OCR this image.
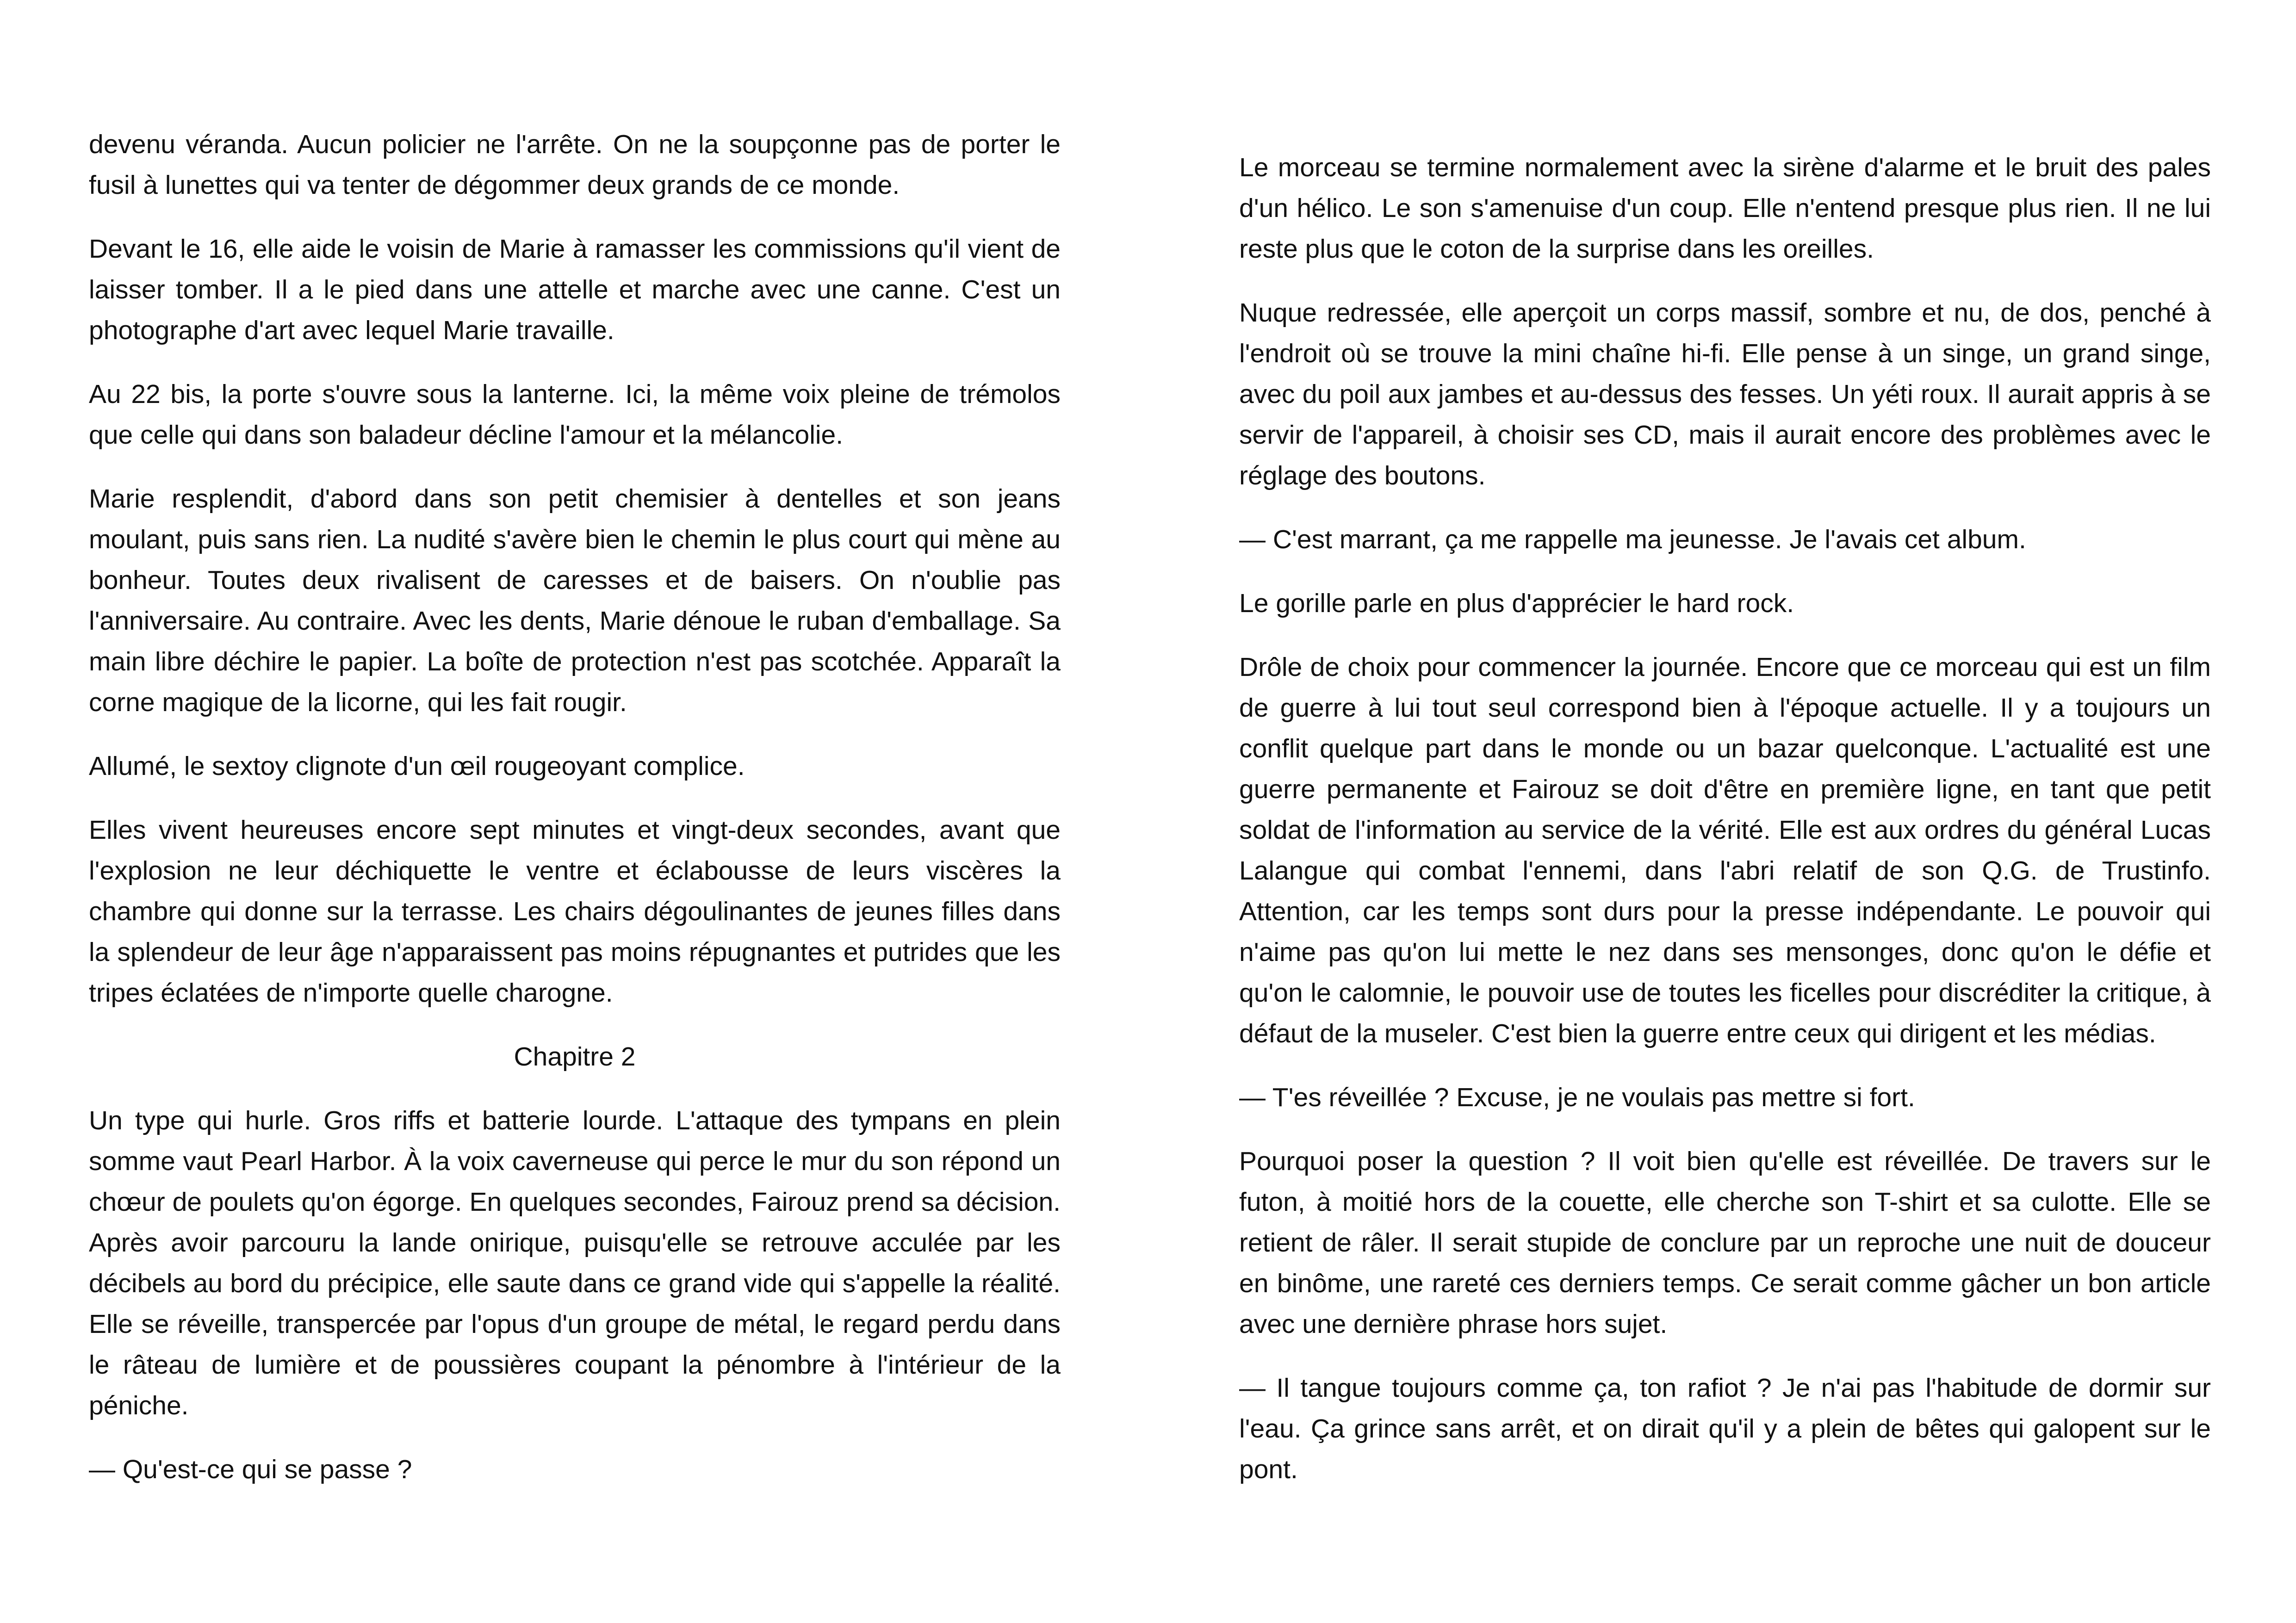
devenu véranda. Aucun policier ne l'arrête. On ne la soupçonne pas de porter le fusil à lunettes qui va tenter de dégommer deux grands de ce monde.

Devant le 16, elle aide le voisin de Marie à ramasser les commissions qu'il vient de laisser tomber. Il a le pied dans une attelle et marche avec une canne. C'est un photographe d'art avec lequel Marie travaille.

Au 22 bis, la porte s'ouvre sous la lanterne. Ici, la même voix pleine de trémolos que celle qui dans son baladeur décline l'amour et la mélancolie.

Marie resplendit, d'abord dans son petit chemisier à dentelles et son jeans moulant, puis sans rien. La nudité s'avère bien le chemin le plus court qui mène au bonheur. Toutes deux rivalisent de caresses et de baisers. On n'oublie pas l'anniversaire. Au contraire. Avec les dents, Marie dénoue le ruban d'emballage. Sa main libre déchire le papier. La boîte de protection n'est pas scotchée. Apparaît la corne magique de la licorne, qui les fait rougir.

Allumé, le sextoy clignote d'un œil rougeoyant complice.

Elles vivent heureuses encore sept minutes et vingt-deux secondes, avant que l'explosion ne leur déchiquette le ventre et éclabousse de leurs viscères la chambre qui donne sur la terrasse. Les chairs dégoulinantes de jeunes filles dans la splendeur de leur âge n'apparaissent pas moins répugnantes et putrides que les tripes éclatées de n'importe quelle charogne.

Chapitre 2

Un type qui hurle. Gros riffs et batterie lourde. L'attaque des tympans en plein somme vaut Pearl Harbor. À la voix caverneuse qui perce le mur du son répond un chœur de poulets qu'on égorge. En quelques secondes, Fairouz prend sa décision. Après avoir parcouru la lande onirique, puisqu'elle se retrouve acculée par les décibels au bord du précipice, elle saute dans ce grand vide qui s'appelle la réalité. Elle se réveille, transpercée par l'opus d'un groupe de métal, le regard perdu dans le râteau de lumière et de poussières coupant la pénombre à l'intérieur de la péniche.

— Qu'est-ce qui se passe ?

Le morceau se termine normalement avec la sirène d'alarme et le bruit des pales d'un hélico. Le son s'amenuise d'un coup. Elle n'entend presque plus rien. Il ne lui reste plus que le coton de la surprise dans les oreilles.

Nuque redressée, elle aperçoit un corps massif, sombre et nu, de dos, penché à l'endroit où se trouve la mini chaîne hi-fi. Elle pense à un singe, un grand singe, avec du poil aux jambes et au-dessus des fesses. Un yéti roux. Il aurait appris à se servir de l'appareil, à choisir ses CD, mais il aurait encore des problèmes avec le réglage des boutons.

— C'est marrant, ça me rappelle ma jeunesse. Je l'avais cet album.

Le gorille parle en plus d'apprécier le hard rock.

Drôle de choix pour commencer la journée. Encore que ce morceau qui est un film de guerre à lui tout seul correspond bien à l'époque actuelle. Il y a toujours un conflit quelque part dans le monde ou un bazar quelconque. L'actualité est une guerre permanente et Fairouz se doit d'être en première ligne, en tant que petit soldat de l'information au service de la vérité. Elle est aux ordres du général Lucas Lalangue qui combat l'ennemi, dans l'abri relatif de son Q.G. de Trustinfo. Attention, car les temps sont durs pour la presse indépendante. Le pouvoir qui n'aime pas qu'on lui mette le nez dans ses mensonges, donc qu'on le défie et qu'on le calomnie, le pouvoir use de toutes les ficelles pour discréditer la critique, à défaut de la museler. C'est bien la guerre entre ceux qui dirigent et les médias.

— T'es réveillée ? Excuse, je ne voulais pas mettre si fort.

Pourquoi poser la question ? Il voit bien qu'elle est réveillée. De travers sur le futon, à moitié hors de la couette, elle cherche son T-shirt et sa culotte. Elle se retient de râler. Il serait stupide de conclure par un reproche une nuit de douceur en binôme, une rareté ces derniers temps. Ce serait comme gâcher un bon article avec une dernière phrase hors sujet.

— Il tangue toujours comme ça, ton rafiot ? Je n'ai pas l'habitude de dormir sur l'eau. Ça grince sans arrêt, et on dirait qu'il y a plein de bêtes qui galopent sur le pont.
